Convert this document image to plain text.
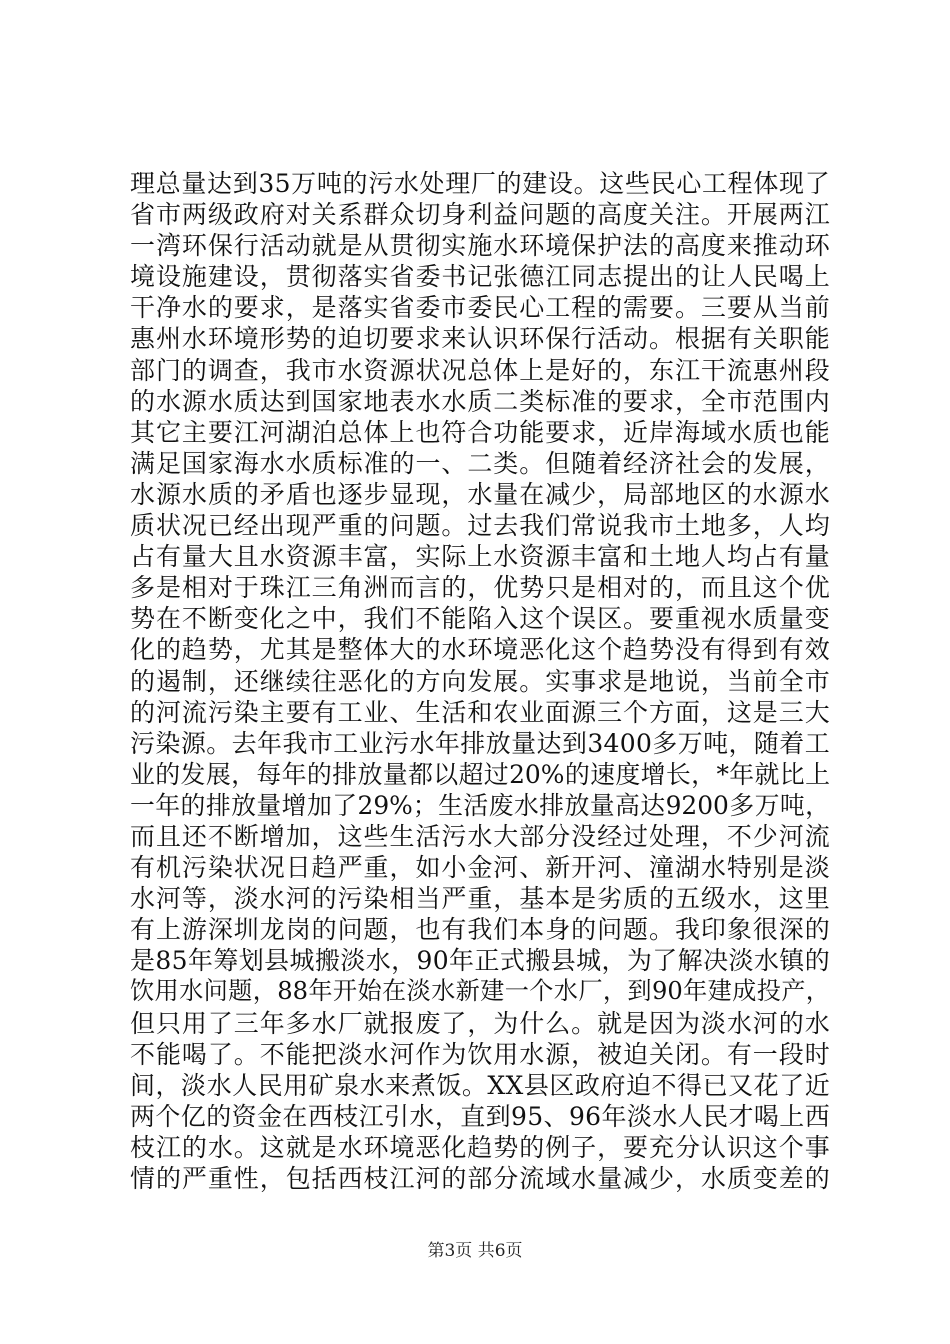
理总量达到35万吨的污水处理厂的建设。这些民心工程体现了
省市两级政府对关系群众切身利益问题的高度关注。开展两江
一湾环保行活动就是从贯彻实施水环境保护法的高度来推动环
境设施建设，贯彻落实省委书记张德江同志提出的让人民喝上
干净水的要求，是落实省委市委民心工程的需要。三要从当前
惠州水环境形势的迫切要求来认识环保行活动。根据有关职能
部门的调查，我市水资源状况总体上是好的，东江干流惠州段
的水源水质达到国家地表水水质二类标准的要求，全市范围内
其它主要江河湖泊总体上也符合功能要求，近岸海域水质也能
满足国家海水水质标准的一、二类。但随着经济社会的发展，
水源水质的矛盾也逐步显现，水量在减少，局部地区的水源水
质状况已经出现严重的问题。过去我们常说我市土地多，人均
占有量大且水资源丰富，实际上水资源丰富和土地人均占有量
多是相对于珠江三角洲而言的，优势只是相对的，而且这个优
势在不断变化之中，我们不能陷入这个误区。要重视水质量变
化的趋势，尤其是整体大的水环境恶化这个趋势没有得到有效
的遏制，还继续往恶化的方向发展。实事求是地说，当前全市
的河流污染主要有工业、生活和农业面源三个方面，这是三大
污染源。去年我市工业污水年排放量达到3400多万吨，随着工
业的发展，每年的排放量都以超过20%的速度增长，*年就比上
一年的排放量增加了29%；生活废水排放量高达9200多万吨，
而且还不断增加，这些生活污水大部分没经过处理，不少河流
有机污染状况日趋严重，如小金河、新开河、潼湖水特别是淡
水河等，淡水河的污染相当严重，基本是劣质的五级水，这里
有上游深圳龙岗的问题，也有我们本身的问题。我印象很深的
是85年筹划县城搬淡水，90年正式搬县城，为了解决淡水镇的
饮用水问题，88年开始在淡水新建一个水厂，到90年建成投产，
但只用了三年多水厂就报废了，为什么。就是因为淡水河的水
不能喝了。不能把淡水河作为饮用水源，被迫关闭。有一段时
间，淡水人民用矿泉水来煮饭。XX县区政府迫不得已又花了近
两个亿的资金在西枝江引水，直到95、96年淡水人民才喝上西
枝江的水。这就是水环境恶化趋势的例子，要充分认识这个事
情的严重性，包括西枝江河的部分流域水量减少，水质变差的
第3页 共6页
